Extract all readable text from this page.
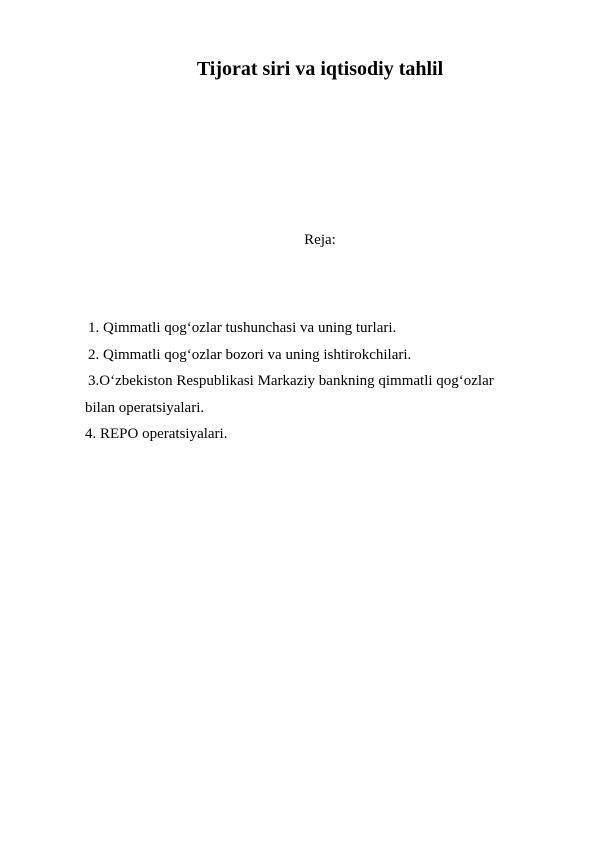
Tijorat siri va iqtisodiy tahlil
Reja:
1. Qimmatli qog‘ozlar tushunchasi va uning turlari.
2. Qimmatli qog‘ozlar bozori va uning ishtirokchilari.
3.O‘zbekiston Respublikasi Markaziy bankning qimmatli qog‘ozlar
bilan operatsiyalari.
4. REPO operatsiyalari.
